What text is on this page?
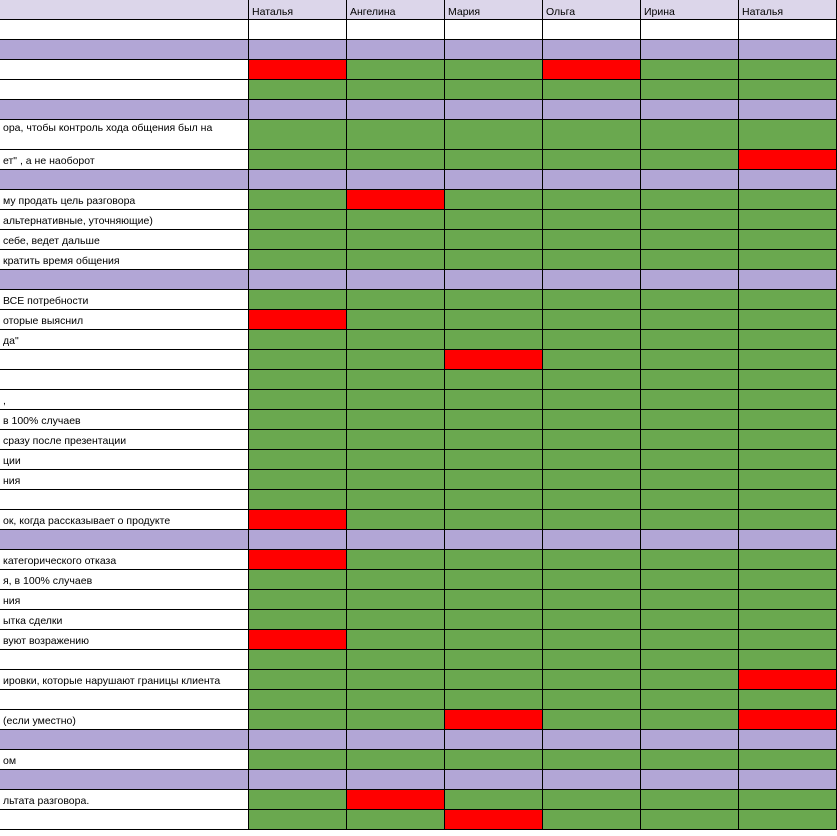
Наталья	Ангелина	Мария	Ольга	Ирина	Наталья
ора, чтобы контроль хода общения был на
ет" , а не наоборот
му продать цель разговора
альтернативные, уточняющие)
себе, ведет дальше
кратить время общения
ВСЕ потребности
оторые выяснил
да"
,
в 100% случаев
сразу после презентации
ции
ния
ок, когда рассказывает о продукте
категорического отказа
я, в 100% случаев
ния
ытка сделки
вуют возражению
ировки, которые нарушают границы клиента
(если уместно)
ом
льтата разговора.
